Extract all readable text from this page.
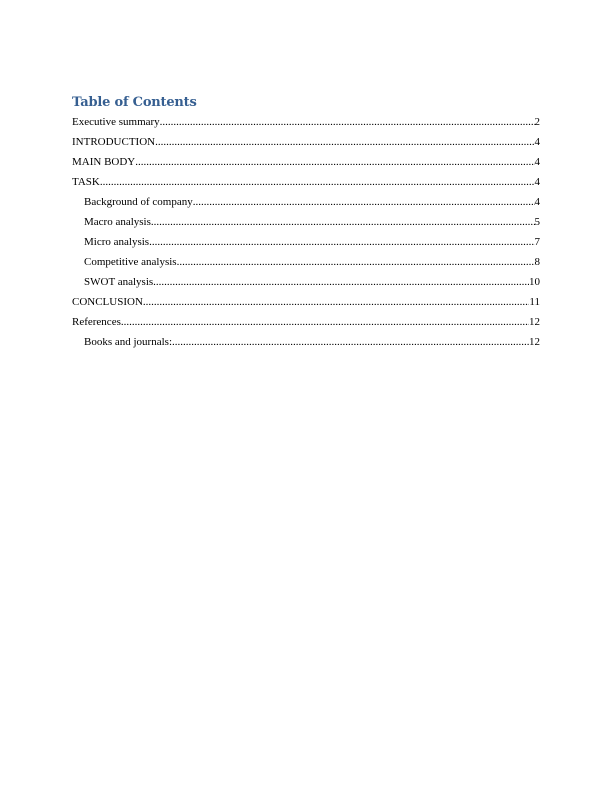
Table of Contents
Executive summary .....	2
INTRODUCTION .....	4
MAIN BODY .....	4
TASK .....	4
Background of company .....	4
Macro analysis .....	5
Micro analysis .....	7
Competitive analysis .....	8
SWOT analysis .....	10
CONCLUSION .....	11
References .....	12
Books and journals: .....	12
